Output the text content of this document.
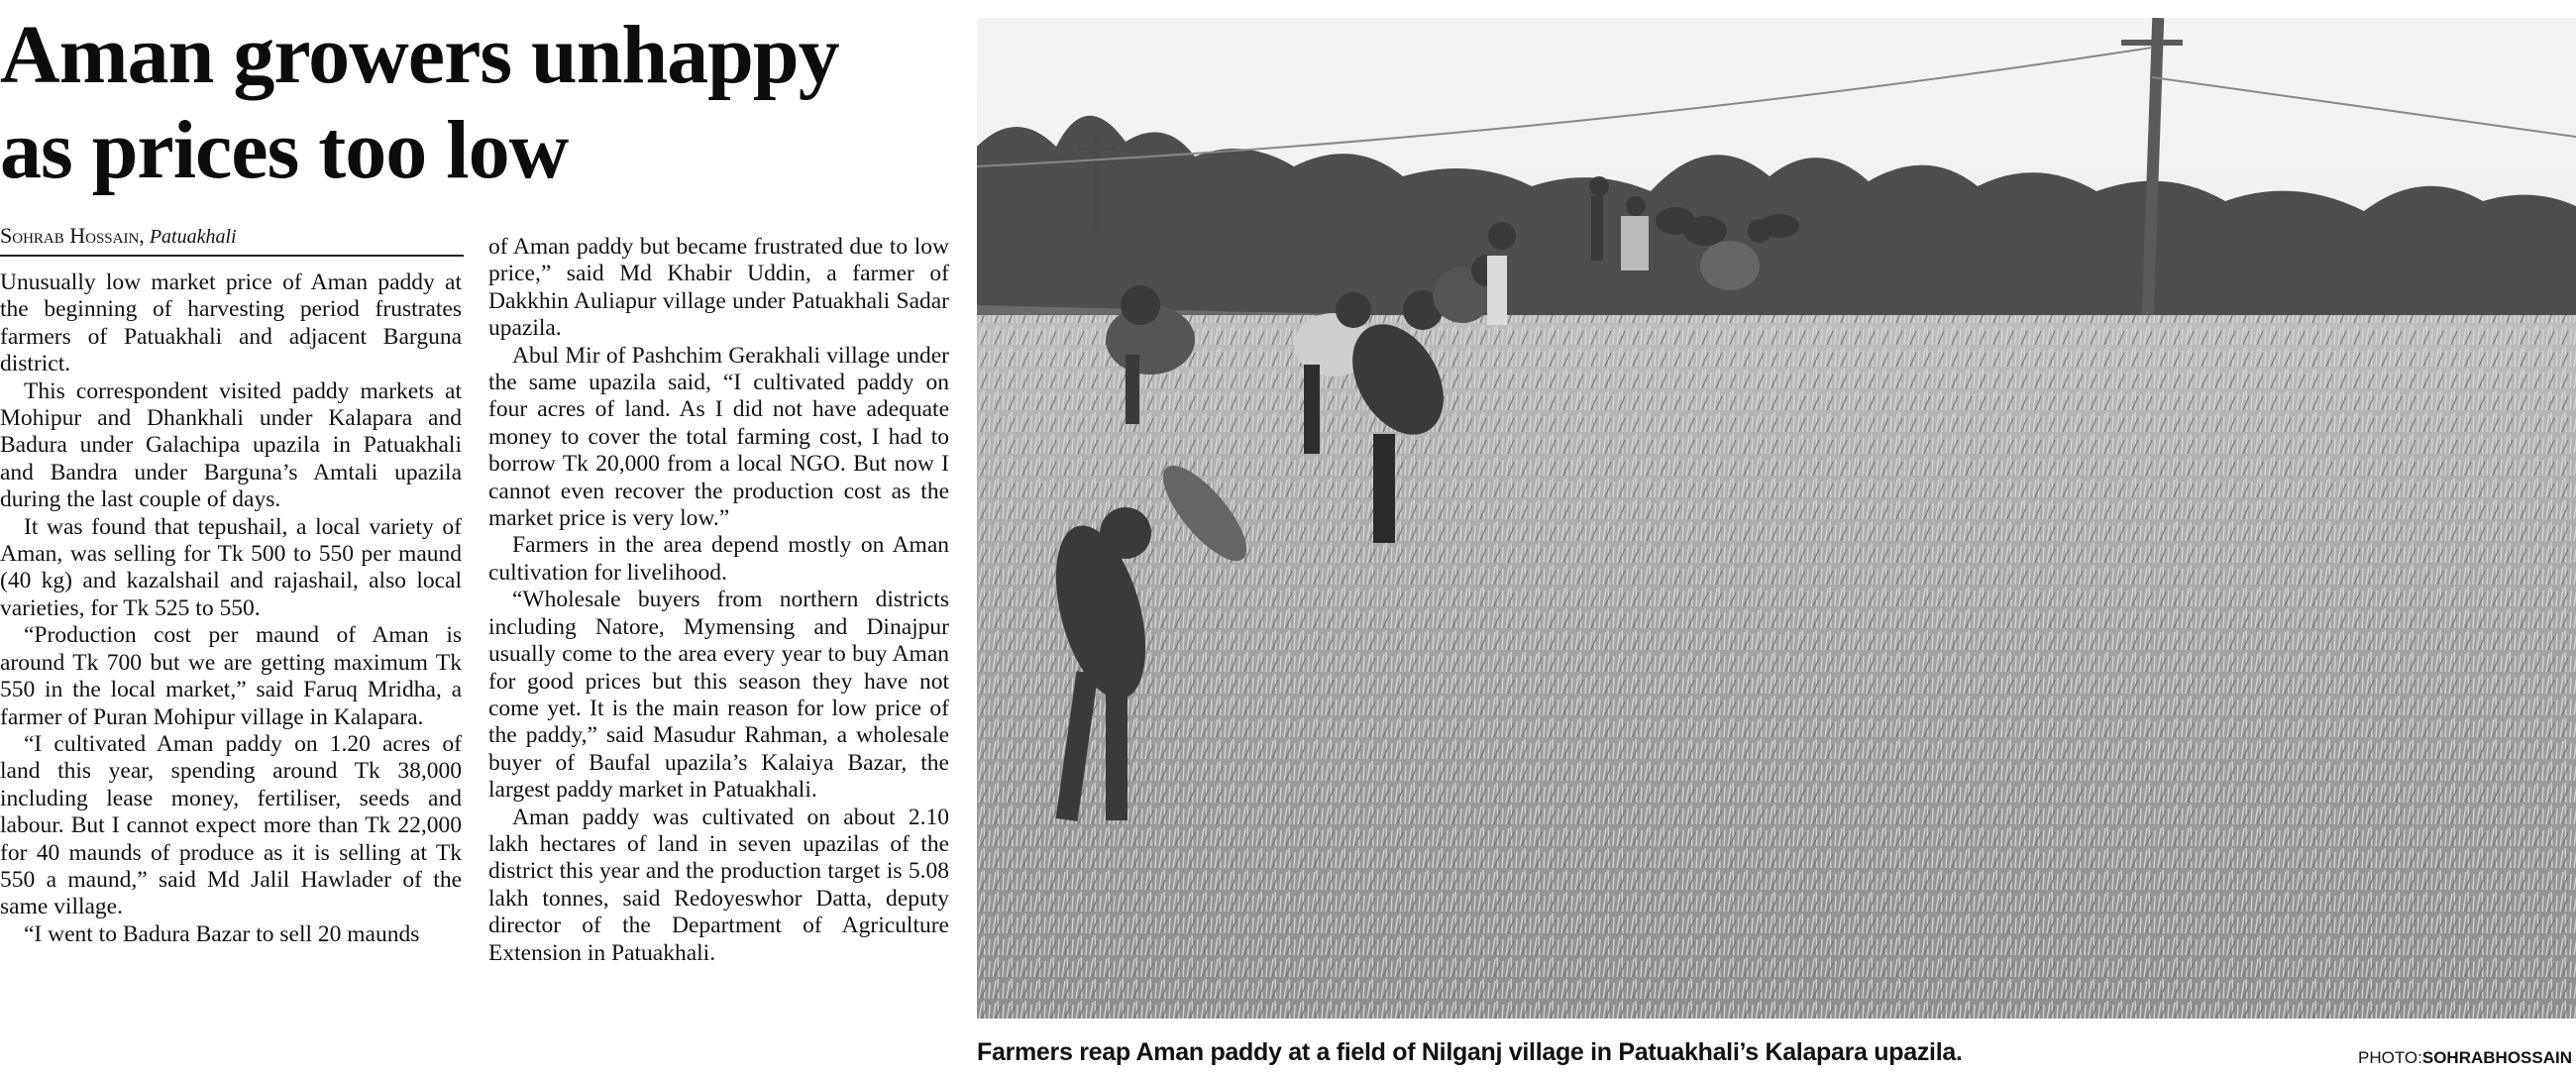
Aman growers unhappy
as prices too low
Sohrab Hossain, Patuakhali

Unusually low market price of Aman paddy at the beginning of harvesting period frustrates farmers of Patuakhali and adjacent Barguna district.

This correspondent visited paddy markets at Mohipur and Dhankhali under Kalapara and Badura under Galachipa upazila in Patuakhali and Bandra under Barguna’s Amtali upazila during the last couple of days.

It was found that tepushail, a local variety of Aman, was selling for Tk 500 to 550 per maund (40 kg) and kazalshail and rajashail, also local varieties, for Tk 525 to 550.

“Production cost per maund of Aman is around Tk 700 but we are getting maximum Tk 550 in the local market,” said Faruq Mridha, a farmer of Puran Mohipur village in Kalapara.

“I cultivated Aman paddy on 1.20 acres of land this year, spending around Tk 38,000 including lease money, fertiliser, seeds and labour. But I cannot expect more than Tk 22,000 for 40 maunds of produce as it is selling at Tk 550 a maund,” said Md Jalil Hawlader of the same village.

“I went to Badura Bazar to sell 20 maunds

of Aman paddy but became frustrated due to low price,” said Md Khabir Uddin, a farmer of Dakkhin Auliapur village under Patuakhali Sadar upazila.

Abul Mir of Pashchim Gerakhali village under the same upazila said, “I cultivated paddy on four acres of land. As I did not have adequate money to cover the total farming cost, I had to borrow Tk 20,000 from a local NGO. But now I cannot even recover the production cost as the market price is very low.”

Farmers in the area depend mostly on Aman cultivation for livelihood.

“Wholesale buyers from northern districts including Natore, Mymensing and Dinajpur usually come to the area every year to buy Aman for good prices but this season they have not come yet. It is the main reason for low price of the paddy,” said Masudur Rahman, a wholesale buyer of Baufal upazila’s Kalaiya Bazar, the largest paddy market in Patuakhali.

Aman paddy was cultivated on about 2.10 lakh hectares of land in seven upazilas of the district this year and the production target is 5.08 lakh tonnes, said Redoyeswhor Datta, deputy director of the Department of Agriculture Extension in Patuakhali.

Farmers reap Aman paddy at a field of Nilganj village in Patuakhali’s Kalapara upazila.	PHOTO:SOHRABHOSSAIN
